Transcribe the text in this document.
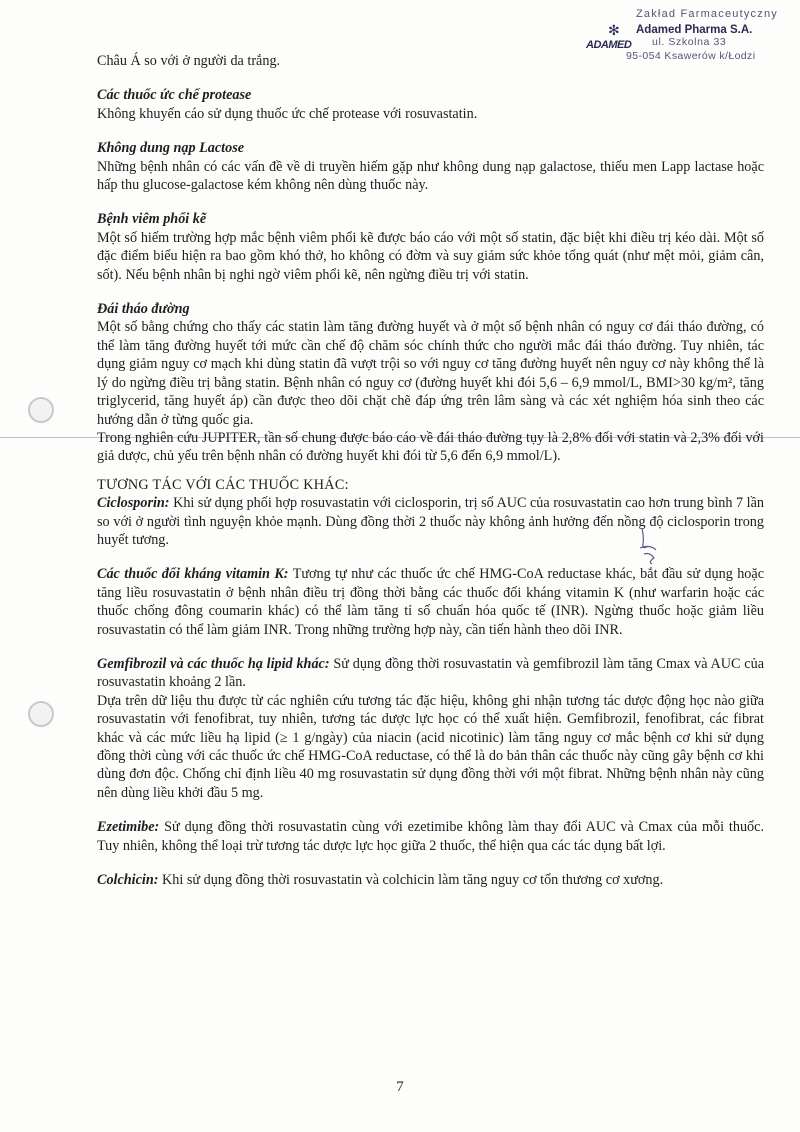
✻
Zakład Farmaceutyczny
Adamed Pharma S.A.
ADAMED ul. Szkolna 33
95-054 Ksawerów k/Łodzi

Châu Á so với ở người da trắng.

Các thuốc ức chế protease

Không khuyến cáo sử dụng thuốc ức chế protease với rosuvastatin.

Không dung nạp Lactose

Những bệnh nhân có các vấn đề về di truyền hiếm gặp như không dung nạp galactose, thiếu men Lapp lactase hoặc hấp thu glucose-galactose kém không nên dùng thuốc này.

Bệnh viêm phổi kẽ

Một số hiếm trường hợp mắc bệnh viêm phổi kẽ được báo cáo với một số statin, đặc biệt khi điều trị kéo dài. Một số đặc điểm biểu hiện ra bao gồm khó thở, ho không có đờm và suy giảm sức khỏe tổng quát (như mệt mỏi, giảm cân, sốt). Nếu bệnh nhân bị nghi ngờ viêm phổi kẽ, nên ngừng điều trị với statin.

Đái tháo đường

Một số bằng chứng cho thấy các statin làm tăng đường huyết và ở một số bệnh nhân có nguy cơ đái tháo đường, có thể làm tăng đường huyết tới mức cần chế độ chăm sóc chính thức cho người mắc đái tháo đường. Tuy nhiên, tác dụng giảm nguy cơ mạch khi dùng statin đã vượt trội so với nguy cơ tăng đường huyết nên nguy cơ này không thể là lý do ngừng điều trị bằng statin. Bệnh nhân có nguy cơ (đường huyết khi đói 5,6 – 6,9 mmol/L, BMI>30 kg/m², tăng triglycerid, tăng huyết áp) cần được theo dõi chặt chẽ đáp ứng trên lâm sàng và các xét nghiệm hóa sinh theo các hướng dẫn ở từng quốc gia.

Trong nghiên cứu JUPITER, tần số chung được báo cáo về đái tháo đường tụy là 2,8% đối với statin và 2,3% đối với giả dược, chủ yếu trên bệnh nhân có đường huyết khi đói từ 5,6 đến 6,9 mmol/L).

TƯƠNG TÁC VỚI CÁC THUỐC KHÁC:

Ciclosporin: Khi sử dụng phối hợp rosuvastatin với ciclosporin, trị số AUC của rosuvastatin cao hơn trung bình 7 lần so với ở người tình nguyện khỏe mạnh. Dùng đồng thời 2 thuốc này không ảnh hưởng đến nồng độ ciclosporin trong huyết tương.

Các thuốc đối kháng vitamin K: Tương tự như các thuốc ức chế HMG-CoA reductase khác, bắt đầu sử dụng hoặc tăng liều rosuvastatin ở bệnh nhân điều trị đồng thời bằng các thuốc đối kháng vitamin K (như warfarin hoặc các thuốc chống đông coumarin khác) có thể làm tăng tỉ số chuẩn hóa quốc tế (INR). Ngừng thuốc hoặc giảm liều rosuvastatin có thể làm giảm INR. Trong những trường hợp này, cần tiến hành theo dõi INR.

Gemfibrozil và các thuốc hạ lipid khác: Sử dụng đồng thời rosuvastatin và gemfibrozil làm tăng Cmax và AUC của rosuvastatin khoảng 2 lần.

Dựa trên dữ liệu thu được từ các nghiên cứu tương tác đặc hiệu, không ghi nhận tương tác dược động học nào giữa rosuvastatin với fenofibrat, tuy nhiên, tương tác dược lực học có thể xuất hiện. Gemfibrozil, fenofibrat, các fibrat khác và các mức liều hạ lipid (≥ 1 g/ngày) của niacin (acid nicotinic) làm tăng nguy cơ mắc bệnh cơ khi sử dụng đồng thời cùng với các thuốc ức chế HMG-CoA reductase, có thể là do bản thân các thuốc này cũng gây bệnh cơ khi dùng đơn độc. Chống chỉ định liều 40 mg rosuvastatin sử dụng đồng thời với một fibrat. Những bệnh nhân này cũng nên dùng liều khởi đầu 5 mg.

Ezetimibe: Sử dụng đồng thời rosuvastatin cùng với ezetimibe không làm thay đổi AUC và Cmax của mỗi thuốc. Tuy nhiên, không thể loại trừ tương tác dược lực học giữa 2 thuốc, thể hiện qua các tác dụng bất lợi.

Colchicin: Khi sử dụng đồng thời rosuvastatin và colchicin làm tăng nguy cơ tổn thương cơ xương.

7
